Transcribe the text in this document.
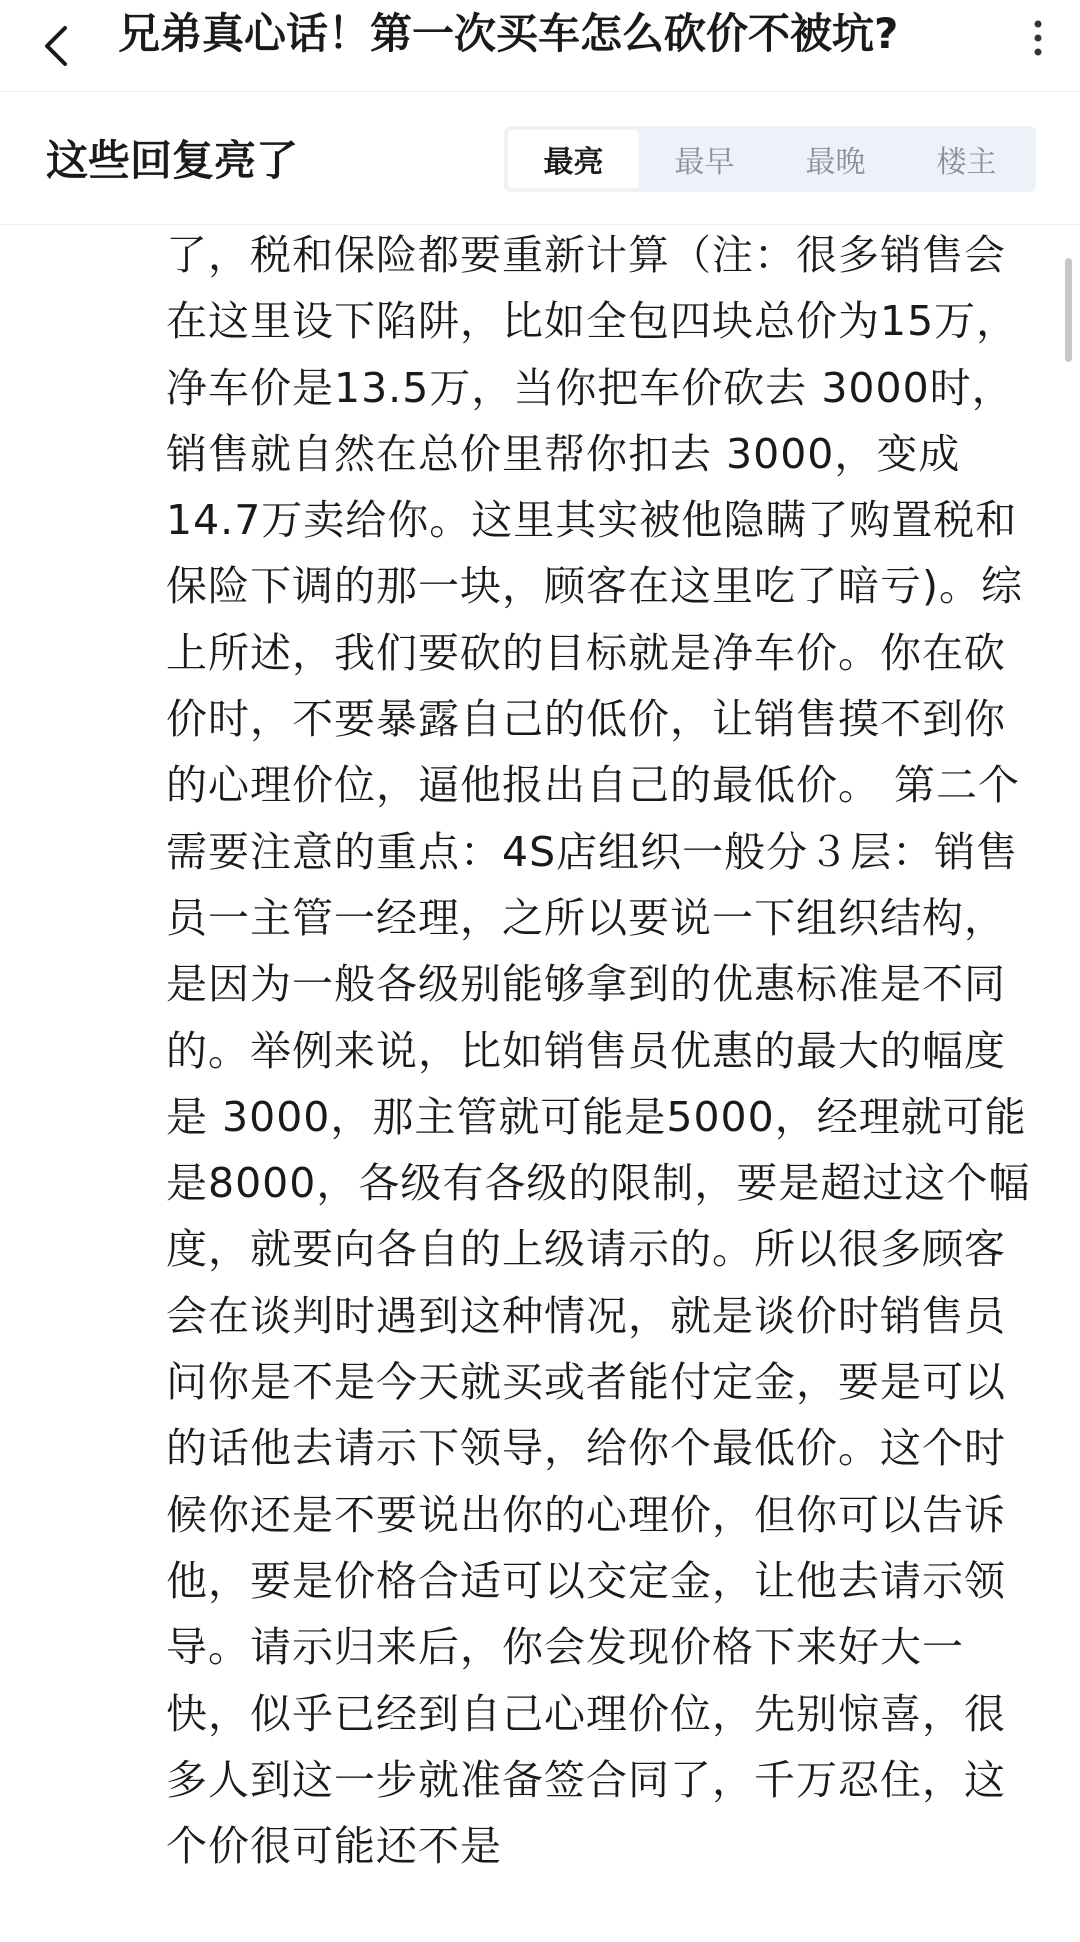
兄弟真心话！第一次买车怎么砍价不被坑?
这些回复亮了	最亮	最早	最晚	楼主
了，税和保险都要重新计算（注：很多销售会在这里设下陷阱，比如全包四块总价为15万，净车价是13.5万，当你把车价砍去 3000时，销售就自然在总价里帮你扣去 3000，变成14.7万卖给你。这里其实被他隐瞒了购置税和保险下调的那一块，顾客在这里吃了暗亏)。综上所述，我们要砍的目标就是净车价。你在砍价时，不要暴露自己的低价，让销售摸不到你的心理价位，逼他报出自己的最低价。 第二个需要注意的重点：4S店组织一般分３层：销售员一主管一经理，之所以要说一下组织结构，是因为一般各级别能够拿到的优惠标准是不同的。举例来说，比如销售员优惠的最大的幅度是 3000，那主管就可能是5000，经理就可能是8000，各级有各级的限制，要是超过这个幅度，就要向各自的上级请示的。所以很多顾客会在谈判时遇到这种情况，就是谈价时销售员问你是不是今天就买或者能付定金，要是可以的话他去请示下领导，给你个最低价。这个时候你还是不要说出你的心理价，但你可以告诉他，要是价格合适可以交定金，让他去请示领导。请示归来后，你会发现价格下来好大一快，似乎已经到自己心理价位，先别惊喜，很多人到这一步就准备签合同了，千万忍住，这个价很可能还不是
